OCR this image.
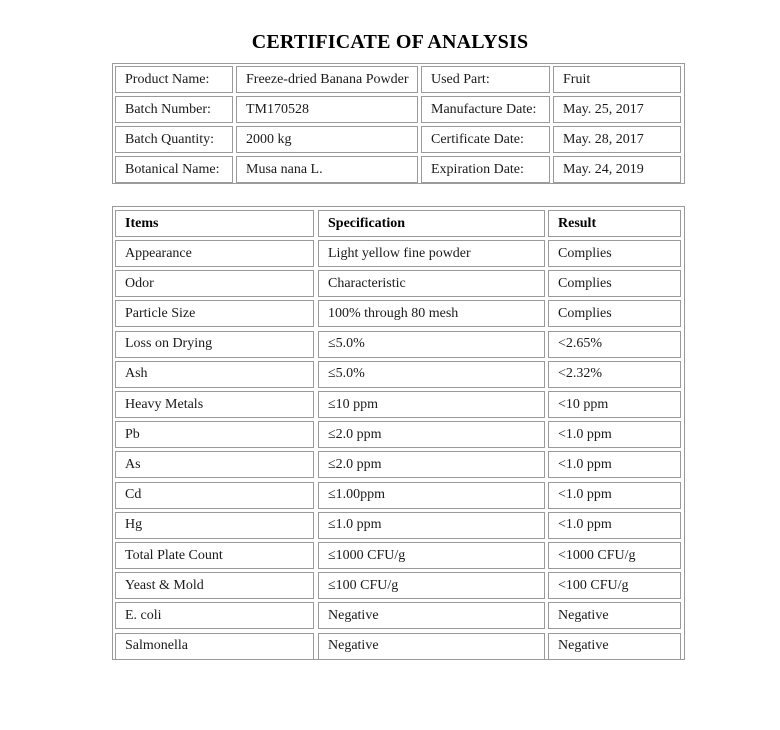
CERTIFICATE OF ANALYSIS
Product Name:	Freeze-dried Banana Powder	Used Part:	Fruit
Batch Number:	TM170528	Manufacture Date:	May. 25, 2017
Batch Quantity:	2000 kg	Certificate Date:	May. 28, 2017
Botanical Name:	Musa nana L.	Expiration Date:	May. 24, 2019
Items	Specification	Result
Appearance	Light yellow fine powder	Complies
Odor	Characteristic	Complies
Particle Size	100% through 80 mesh	Complies
Loss on Drying	≤5.0%	<2.65%
Ash	≤5.0%	<2.32%
Heavy Metals	≤10 ppm	<10 ppm
Pb	≤2.0 ppm	<1.0 ppm
As	≤2.0 ppm	<1.0 ppm
Cd	≤1.00ppm	<1.0 ppm
Hg	≤1.0 ppm	<1.0 ppm
Total Plate Count	≤1000 CFU/g	<1000 CFU/g
Yeast & Mold	≤100 CFU/g	<100 CFU/g
E. coli	Negative	Negative
Salmonella	Negative	Negative
